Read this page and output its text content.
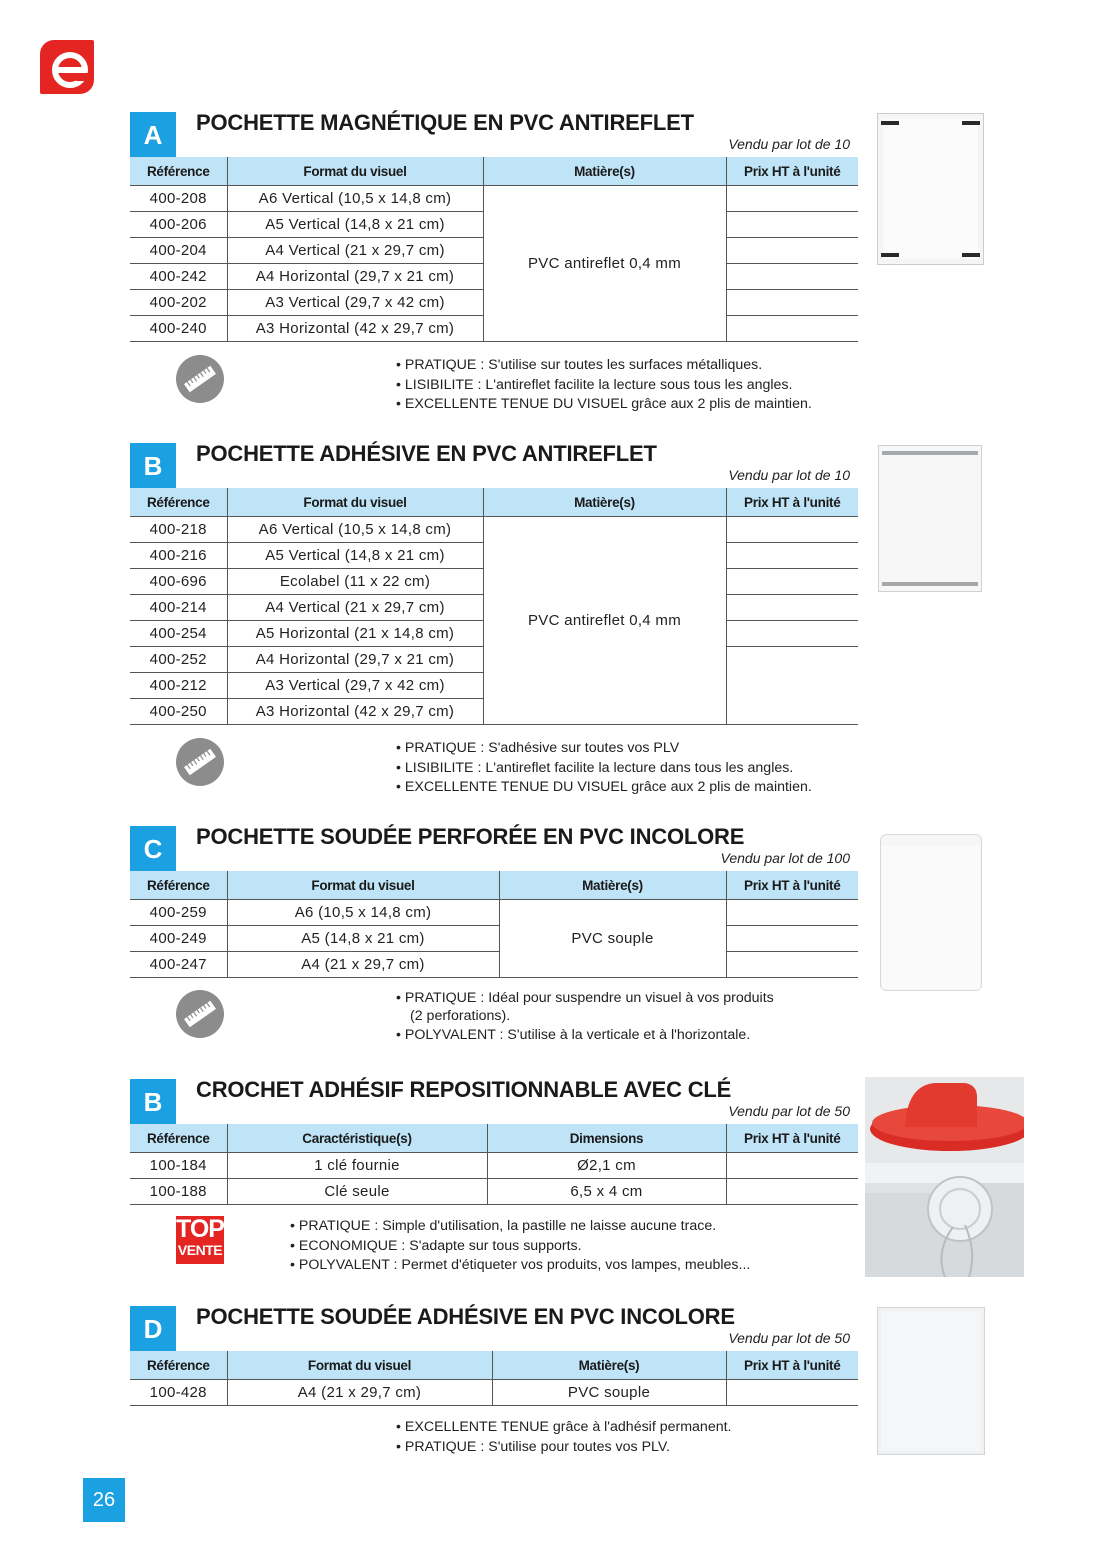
A	POCHETTE MAGNÉTIQUE EN PVC ANTIREFLET
Vendu par lot de 10
Référence	Format du visuel	Matière(s)	Prix HT à l'unité
400-208	A6 Vertical (10,5 x 14,8 cm)	PVC antireflet 0,4 mm	
400-206	A5 Vertical (14,8 x 21 cm)		
400-204	A4 Vertical (21 x 29,7 cm)		
400-242	A4 Horizontal (29,7 x 21 cm)		
400-202	A3 Vertical (29,7 x 42 cm)		
400-240	A3 Horizontal (42 x 29,7 cm)		
• PRATIQUE : S'utilise sur toutes les surfaces métalliques.
• LISIBILITE : L'antireflet facilite la lecture sous tous les angles.
• EXCELLENTE TENUE DU VISUEL grâce aux 2 plis de maintien.
B	POCHETTE ADHÉSIVE EN PVC ANTIREFLET
Vendu par lot de 10
Référence	Format du visuel	Matière(s)	Prix HT à l'unité
400-218	A6 Vertical (10,5 x 14,8 cm)	PVC antireflet 0,4 mm	
400-216	A5 Vertical (14,8 x 21 cm)		
400-696	Ecolabel (11 x 22 cm)		
400-214	A4 Vertical (21 x 29,7 cm)		
400-254	A5 Horizontal (21 x 14,8 cm)		
400-252	A4 Horizontal (29,7 x 21 cm)		
400-212	A3 Vertical (29,7 x 42 cm)		
400-250	A3 Horizontal (42 x 29,7 cm)		
• PRATIQUE : S'adhésive sur toutes vos PLV
• LISIBILITE : L'antireflet facilite la lecture dans tous les angles.
• EXCELLENTE TENUE DU VISUEL grâce aux 2 plis de maintien.
C	POCHETTE SOUDÉE PERFORÉE EN PVC INCOLORE
Vendu par lot de 100
Référence	Format du visuel	Matière(s)	Prix HT à l'unité
400-259	A6 (10,5 x 14,8 cm)	PVC souple	
400-249	A5 (14,8 x 21 cm)		
400-247	A4 (21 x 29,7 cm)		
• PRATIQUE : Idéal pour suspendre un visuel à vos produits
(2 perforations).
• POLYVALENT : S'utilise à la verticale et à l'horizontale.
B	CROCHET ADHÉSIF REPOSITIONNABLE AVEC CLÉ
Vendu par lot de 50
Référence	Caractéristique(s)	Dimensions	Prix HT à l'unité
100-184	1 clé fournie	Ø2,1 cm	
100-188	Clé seule	6,5 x 4 cm	
TOP
VENTE
• PRATIQUE : Simple d'utilisation, la pastille ne laisse aucune trace.
• ECONOMIQUE : S'adapte sur tous supports.
• POLYVALENT : Permet d'étiqueter vos produits, vos lampes, meubles...
D	POCHETTE SOUDÉE ADHÉSIVE EN PVC INCOLORE
Vendu par lot de 50
Référence	Format du visuel	Matière(s)	Prix HT à l'unité
100-428	A4 (21 x 29,7 cm)	PVC souple	
• EXCELLENTE TENUE grâce à l'adhésif permanent.
• PRATIQUE : S'utilise pour toutes vos PLV.
26
